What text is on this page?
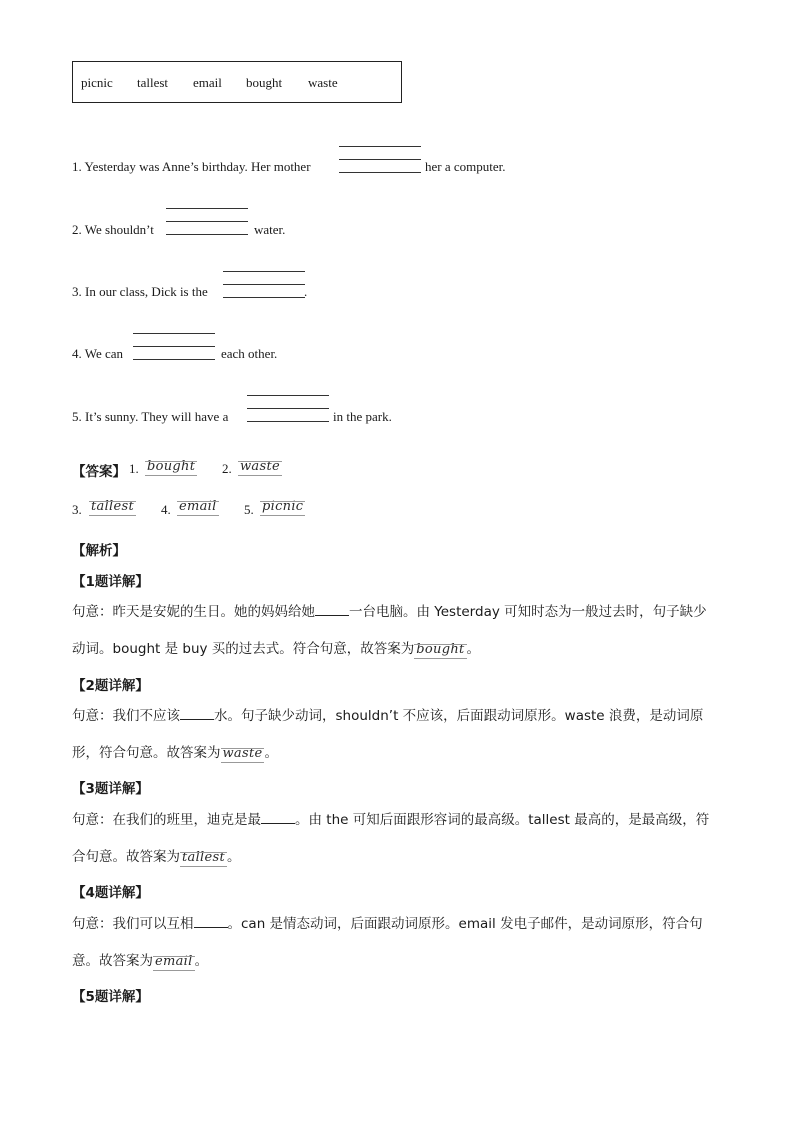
picnic tallest email bought waste
1. Yesterday was Anne’s birthday. Her mother	her a computer.
2. We shouldn’t	water.
3. In our class, Dick is the	.
4. We can	each other.
5. It’s sunny. They will have a	in the park.
【答案】 1. bought 2. waste
3. tallest 4. email 5. picnic
【解析】
【1题详解】
句意：昨天是安妮的生日。她的妈妈给她	一台电脑。由 Yesterday 可知时态为一般过去时，句子缺少
动词。bought 是 buy 买的过去式。符合句意，故答案为 bought 。
【2题详解】
句意：我们不应该	水。句子缺少动词，shouldn’t 不应该，后面跟动词原形。waste 浪费，是动词原
形，符合句意。故答案为 waste 。
【3题详解】
句意：在我们的班里，迪克是最	。由 the 可知后面跟形容词的最高级。tallest 最高的，是最高级，符
合句意。故答案为 tallest 。
【4题详解】
句意：我们可以互相	。can 是情态动词，后面跟动词原形。email 发电子邮件，是动词原形，符合句
意。故答案为 email 。
【5题详解】
